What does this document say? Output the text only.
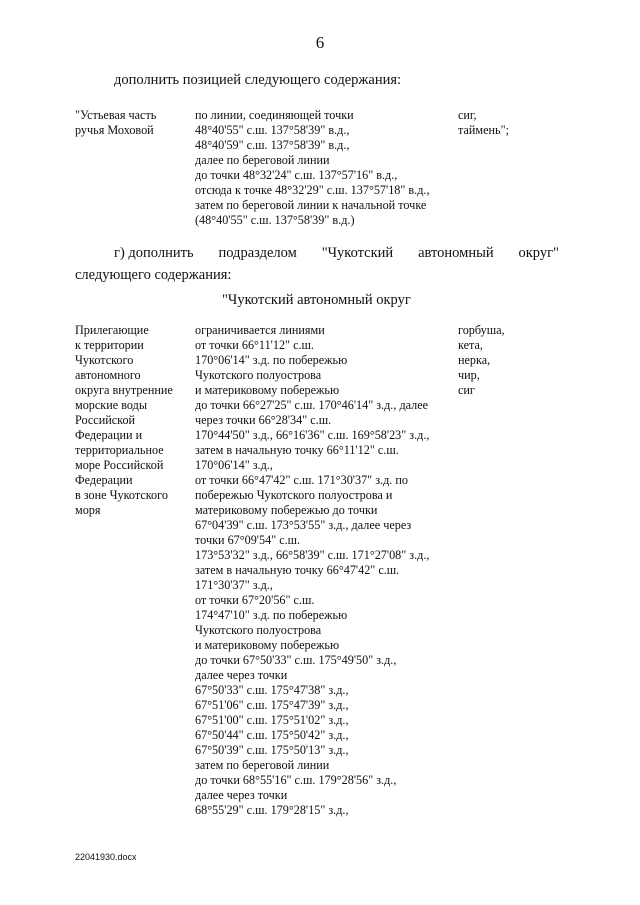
6
дополнить позицией следующего содержания:
"Устьевая часть
ручья Моховой
по линии, соединяющей точки
48°40'55" с.ш. 137°58'39" в.д.,
48°40'59" с.ш. 137°58'39" в.д.,
далее по береговой линии
до точки 48°32'24" с.ш. 137°57'16" в.д.,
отсюда к точке 48°32'29" с.ш. 137°57'18" в.д.,
затем по береговой линии к начальной точке
(48°40'55" с.ш. 137°58'39" в.д.)
сиг,
таймень";
г) дополнить подразделом "Чукотский автономный округ"
следующего содержания:
"Чукотский автономный округ
Прилегающие
к территории
Чукотского
автономного
округа внутренние
морские воды
Российской
Федерации и
территориальное
море Российской
Федерации
в зоне Чукотского
моря
ограничивается линиями
от точки 66°11'12" с.ш.
170°06'14" з.д. по побережью
Чукотского полуострова
и материковому побережью
до точки 66°27'25" с.ш. 170°46'14" з.д., далее
через точки 66°28'34" с.ш.
170°44'50" з.д., 66°16'36" с.ш. 169°58'23" з.д.,
затем в начальную точку 66°11'12" с.ш.
170°06'14" з.д.,
от точки 66°47'42" с.ш. 171°30'37" з.д. по
побережью Чукотского полуострова и
материковому побережью до точки
67°04'39" с.ш. 173°53'55" з.д., далее через
точки 67°09'54" с.ш.
173°53'32" з.д., 66°58'39" с.ш. 171°27'08" з.д.,
затем в начальную точку 66°47'42" с.ш.
171°30'37" з.д.,
от точки 67°20'56" с.ш.
174°47'10" з.д. по побережью
Чукотского полуострова
и материковому побережью
до точки 67°50'33" с.ш. 175°49'50" з.д.,
далее через точки
67°50'33" с.ш. 175°47'38" з.д.,
67°51'06" с.ш. 175°47'39" з.д.,
67°51'00" с.ш. 175°51'02" з.д.,
67°50'44" с.ш. 175°50'42" з.д.,
67°50'39" с.ш. 175°50'13" з.д.,
затем по береговой линии
до точки 68°55'16" с.ш. 179°28'56" з.д.,
далее через точки
68°55'29" с.ш. 179°28'15" з.д.,
горбуша,
кета,
нерка,
чир,
сиг
22041930.docx
